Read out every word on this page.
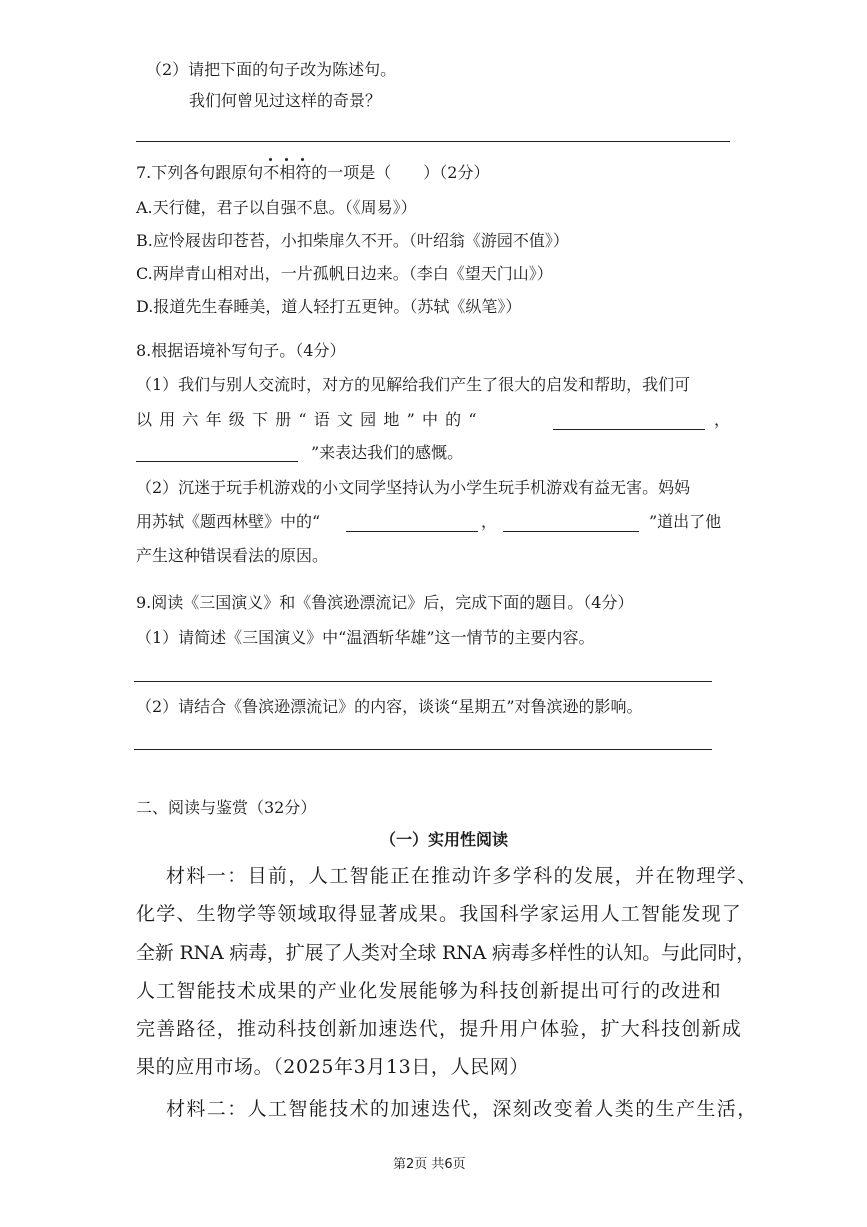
（2）请把下面的句子改为陈述句。
我们何曾见过这样的奇景？
7.下列各句跟原句不相符
的一项是（　　）（2分）
A.天行健，君子以自强不息。（《周易》）
B.应怜屐齿印苍苔，小扣柴扉久不开。（叶绍翁《游园不值》）
C.两岸青山相对出，一片孤帆日边来。（李白《望天门山》）
D.报道先生春睡美，道人轻打五更钟。（苏轼《纵笔》）
8.根据语境补写句子。（4分）
（1）我们与别人交流时，对方的见解给我们产生了很大的启发和帮助，我们可
以用六年级下册“语文园地”中的“	，
”来表达我们的感慨。
（2）沉迷于玩手机游戏的小文同学坚持认为小学生玩手机游戏有益无害。妈妈
用苏轼《题西林壁》中的“	，	”道出了他
产生这种错误看法的原因。
9.阅读《三国演义》和《鲁滨逊漂流记》后，完成下面的题目。（4分）
（1）请简述《三国演义》中“温酒斩华雄”这一情节的主要内容。
（2）请结合《鲁滨逊漂流记》的内容，谈谈“星期五”对鲁滨逊的影响。
二、阅读与鉴赏（32分）
（一）实用性阅读
材料一：目前，人工智能正在推动许多学科的发展，并在物理学、
化学、生物学等领域取得显著成果。我国科学家运用人工智能发现了
全新 RNA 病毒，扩展了人类对全球 RNA 病毒多样性的认知。与此同时，
人工智能技术成果的产业化发展能够为科技创新提出可行的改进和
完善路径，推动科技创新加速迭代，提升用户体验，扩大科技创新成
果的应用市场。（2025年3月13日，人民网）
材料二：人工智能技术的加速迭代，深刻改变着人类的生产生活，
第2页 共6页
